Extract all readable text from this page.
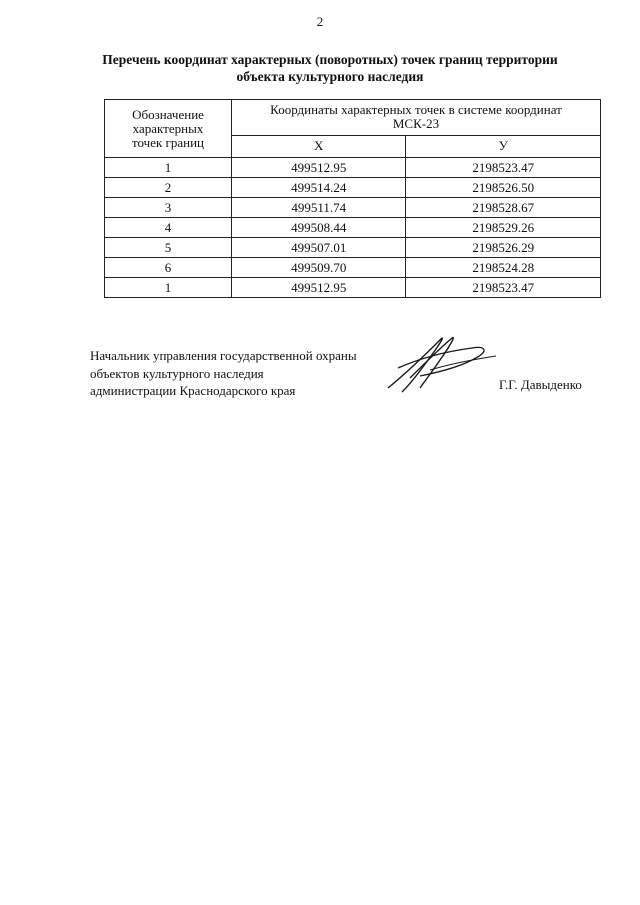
2
Перечень координат характерных (поворотных) точек границ территории
объекта культурного наследия
Обозначение
характерных
точек границ	Координаты характерных точек в системе координат
МСК-23	
	X	У
1	499512.95	2198523.47
2	499514.24	2198526.50
3	499511.74	2198528.67
4	499508.44	2198529.26
5	499507.01	2198526.29
6	499509.70	2198524.28
1	499512.95	2198523.47
Начальник управления государственной охраны
объектов культурного наследия
администрации Краснодарского края	Г.Г. Давыденко
